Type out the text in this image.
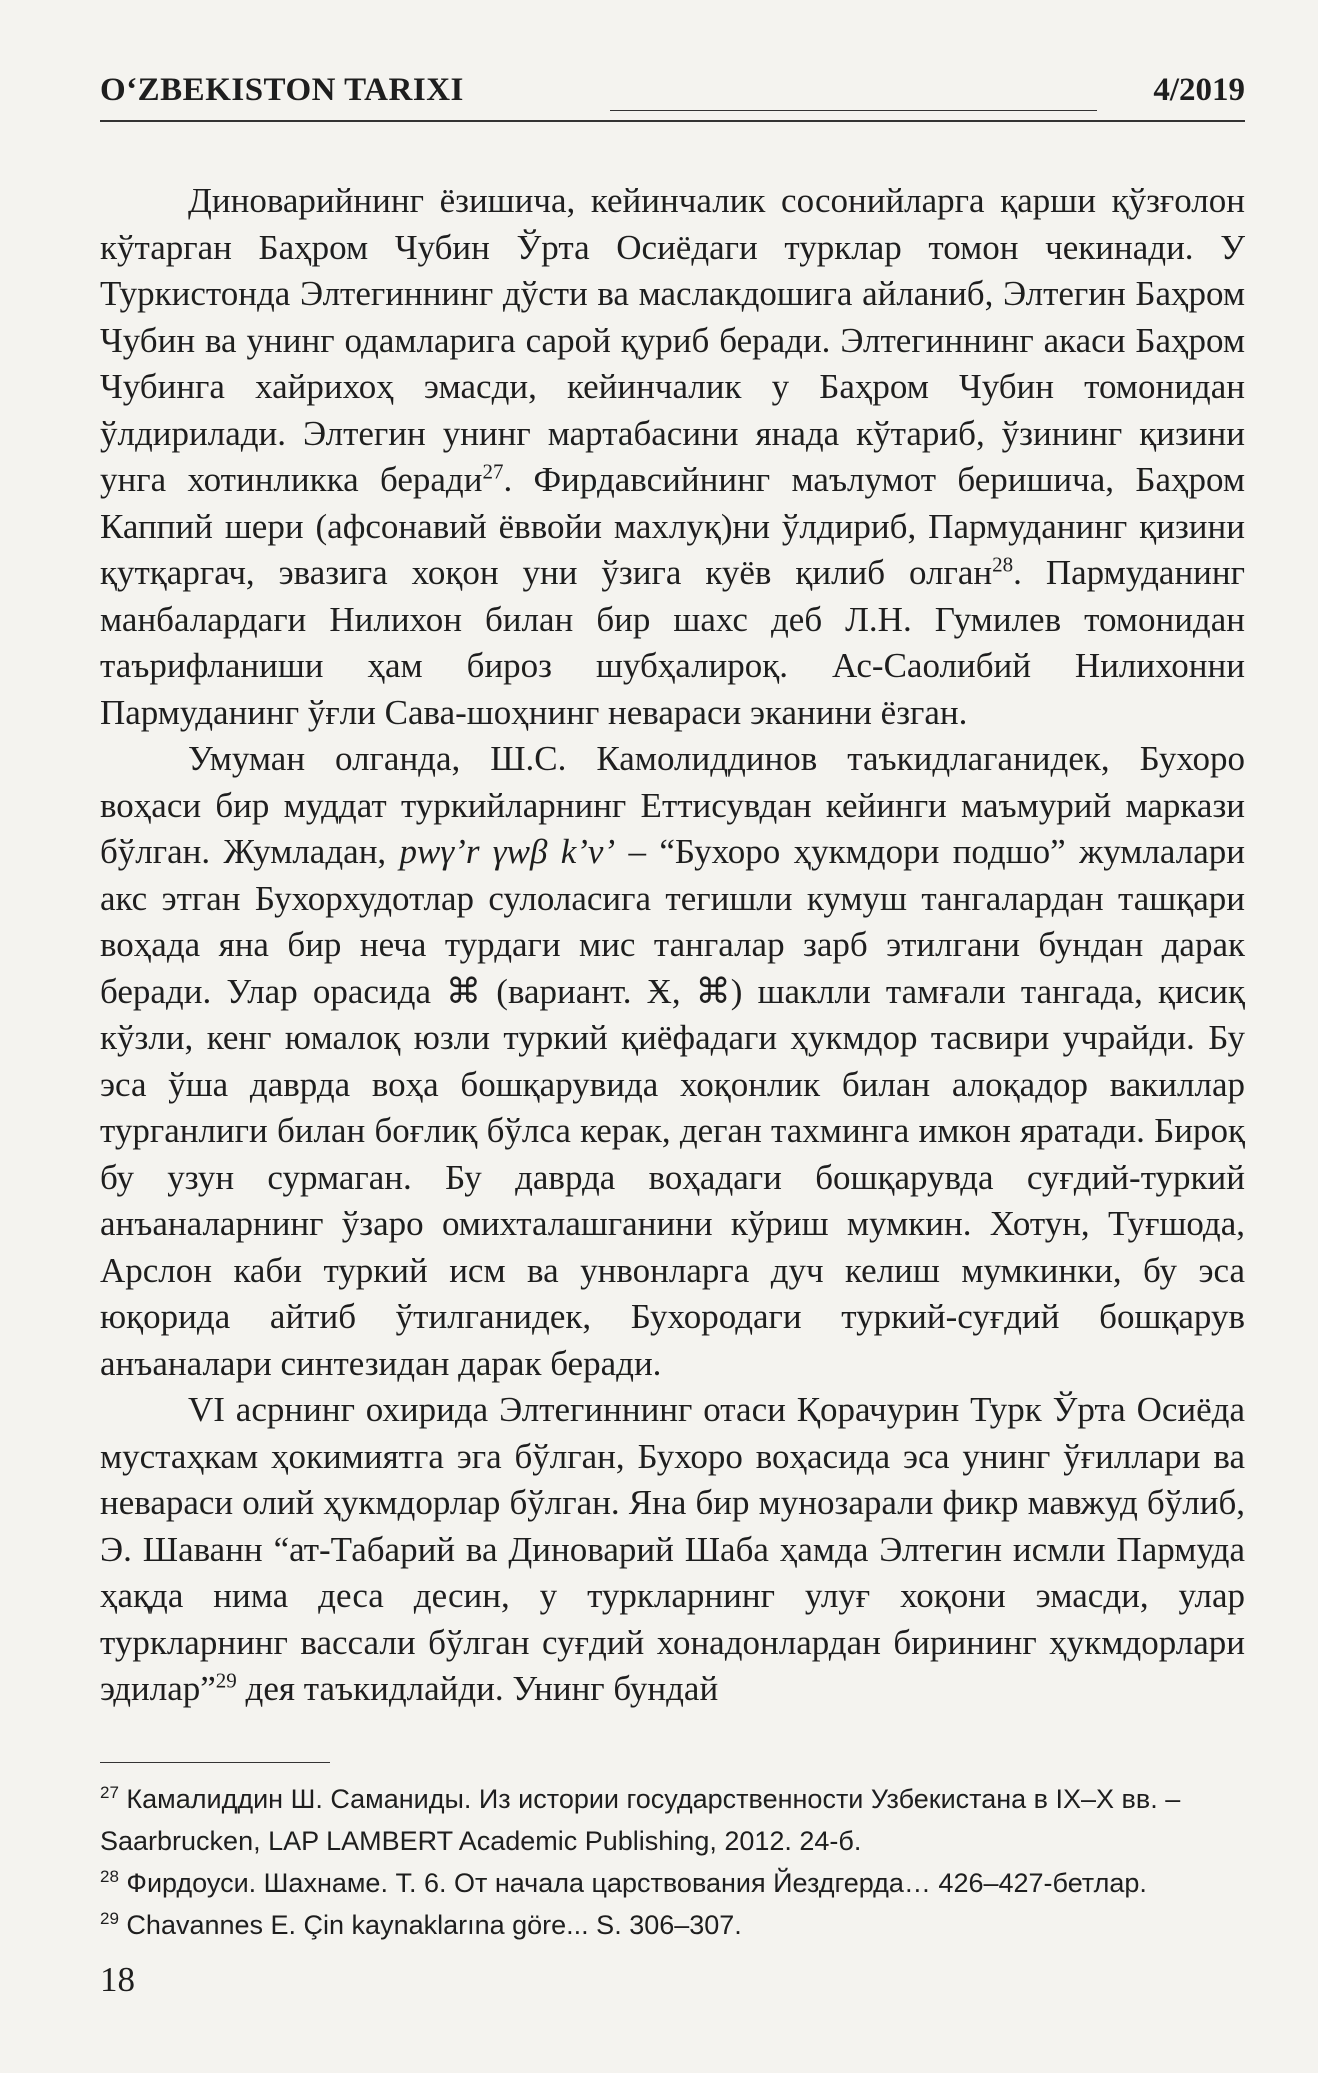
O‘ZBEKISTON TARIXI	4/2019

Диноварийнинг ёзишича, кейинчалик сосонийларга қарши қўзғолон кўтарган Баҳром Чубин Ўрта Осиёдаги турклар томон чекинади. У Туркистонда Элтегиннинг дўсти ва маслакдошига айланиб, Элтегин Баҳром Чубин ва унинг одамларига сарой қуриб беради. Элтегиннинг акаси Баҳром Чубинга хайрихоҳ эмасди, кейинчалик у Баҳром Чубин томонидан ўлдирилади. Элтегин унинг мартабасини янада кўтариб, ўзининг қизини унга хотинликка беради$^{27}$. Фирдавсийнинг маълумот беришича, Баҳром Каппий шери (афсонавий ёввойи махлуқ)ни ўлдириб, Пармуданинг қизини қутқаргач, эвазига хоқон уни ўзига куёв қилиб олган$^{28}$. Пармуданинг манбалардаги Нилихон билан бир шахс деб Л.Н. Гумилев томонидан таърифланиши ҳам бироз шубҳалироқ. Ас-Саолибий Нилихонни Пармуданинг ўғли Сава-шоҳнинг невараси эканини ёзган.

Умуман олганда, Ш.С. Камолиддинов таъкидлаганидек, Бухоро воҳаси бир муддат туркийларнинг Еттисувдан кейинги маъмурий маркази бўлган. Жумладан, pwγ’r γwβ k’v’ – “Бухоро ҳукмдори подшо” жумлалари акс этган Бухорхудотлар сулоласига тегишли кумуш тангалардан ташқари воҳада яна бир неча турдаги мис тангалар зарб этилгани бундан дарак беради. Улар орасида ⌘ (вариант. Ӿ, ⌘) шаклли тамғали тангада, қисиқ кўзли, кенг юмалоқ юзли туркий қиёфадаги ҳукмдор тасвири учрайди. Бу эса ўша даврда воҳа бошқарувида хоқонлик билан алоқадор вакиллар турганлиги билан боғлиқ бўлса керак, деган тахминга имкон яратади. Бироқ бу узун сурмаган. Бу даврда воҳадаги бошқарувда суғдий-туркий анъаналарнинг ўзаро омихталашганини кўриш мумкин. Хотун, Туғшода, Арслон каби туркий исм ва унвонларга дуч келиш мумкинки, бу эса юқорида айтиб ўтилганидек, Бухородаги туркий-суғдий бошқарув анъаналари синтезидан дарак беради.

VI асрнинг охирида Элтегиннинг отаси Қорачурин Турк Ўрта Осиёда мустаҳкам ҳокимиятга эга бўлган, Бухоро воҳасида эса унинг ўғиллари ва невараси олий ҳукмдорлар бўлган. Яна бир мунозарали фикр мавжуд бўлиб, Э. Шаванн “ат-Табарий ва Диноварий Шаба ҳамда Элтегин исмли Пармуда ҳақда нима деса десин, у туркларнинг улуғ хоқони эмасди, улар туркларнинг вассали бўлган суғдий хонадонлардан бирининг ҳукмдорлари эдилар”$^{29}$ дея таъкидлайди. Унинг бундай

$^{27}$ Камалиддин Ш. Саманиды. Из истории государственности Узбекистана в IX–X вв. – Saarbrucken, LAP LAMBERT Academic Publishing, 2012. 24-б.

$^{28}$ Фирдоуси. Шахнаме. Т. 6. От начала царствования Йездгерда… 426–427-бетлар.

$^{29}$ Chavannes E. Çin kaynaklarına göre... S. 306–307.

18
